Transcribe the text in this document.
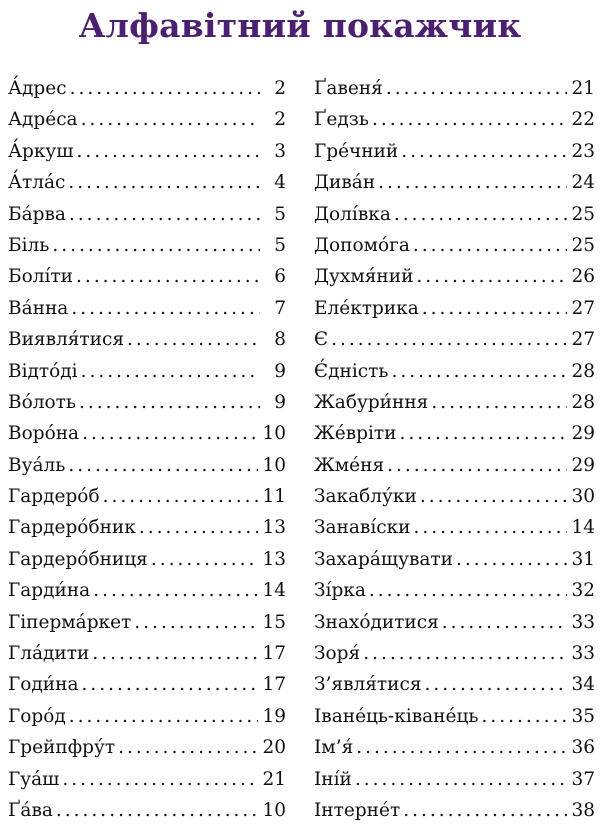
Алфавітний покажчик
А́дрес .....	2
Адре́са .....	2
А́ркуш .....	3
А́тла́с .....	4
Ба́рва .....	5
Біль .....	5
Болі́ти .....	6
Ва́нна .....	7
Виявля́тися .....	8
Відто́ді .....	9
Во́лоть .....	9
Воро́на .....	10
Вуа́ль .....	10
Гардеро́б .....	11
Гардеро́бник .....	13
Гардеро́бниця .....	13
Гарди́на .....	14
Гіперма́ркет .....	15
Гла́дити .....	17
Годи́на .....	17
Горо́д .....	19
Грейпфру́т .....	20
Гуа́ш .....	21
Ґа́ва .....	10
Ґавеня́ .....	21
Ґедзь .....	22
Гре́чний .....	23
Дива́н .....	24
Долі́вка .....	25
Допомо́га .....	25
Духмя́ний .....	26
Еле́ктрика .....	27
Є .....	27
Є́дність .....	28
Жабури́ння .....	28
Же́врiти .....	29
Жме́ня .....	29
Закаблу́ки .....	30
Занаві́ски .....	14
Захара́щувати .....	31
Зі́рка .....	32
Знахо́дитися .....	33
Зоря́ .....	33
З’явля́тися .....	34
Іване́ць-ківане́ць .....	35
Ім’я́ .....	36
Іні́й .....	37
Інтерне́т .....	38
